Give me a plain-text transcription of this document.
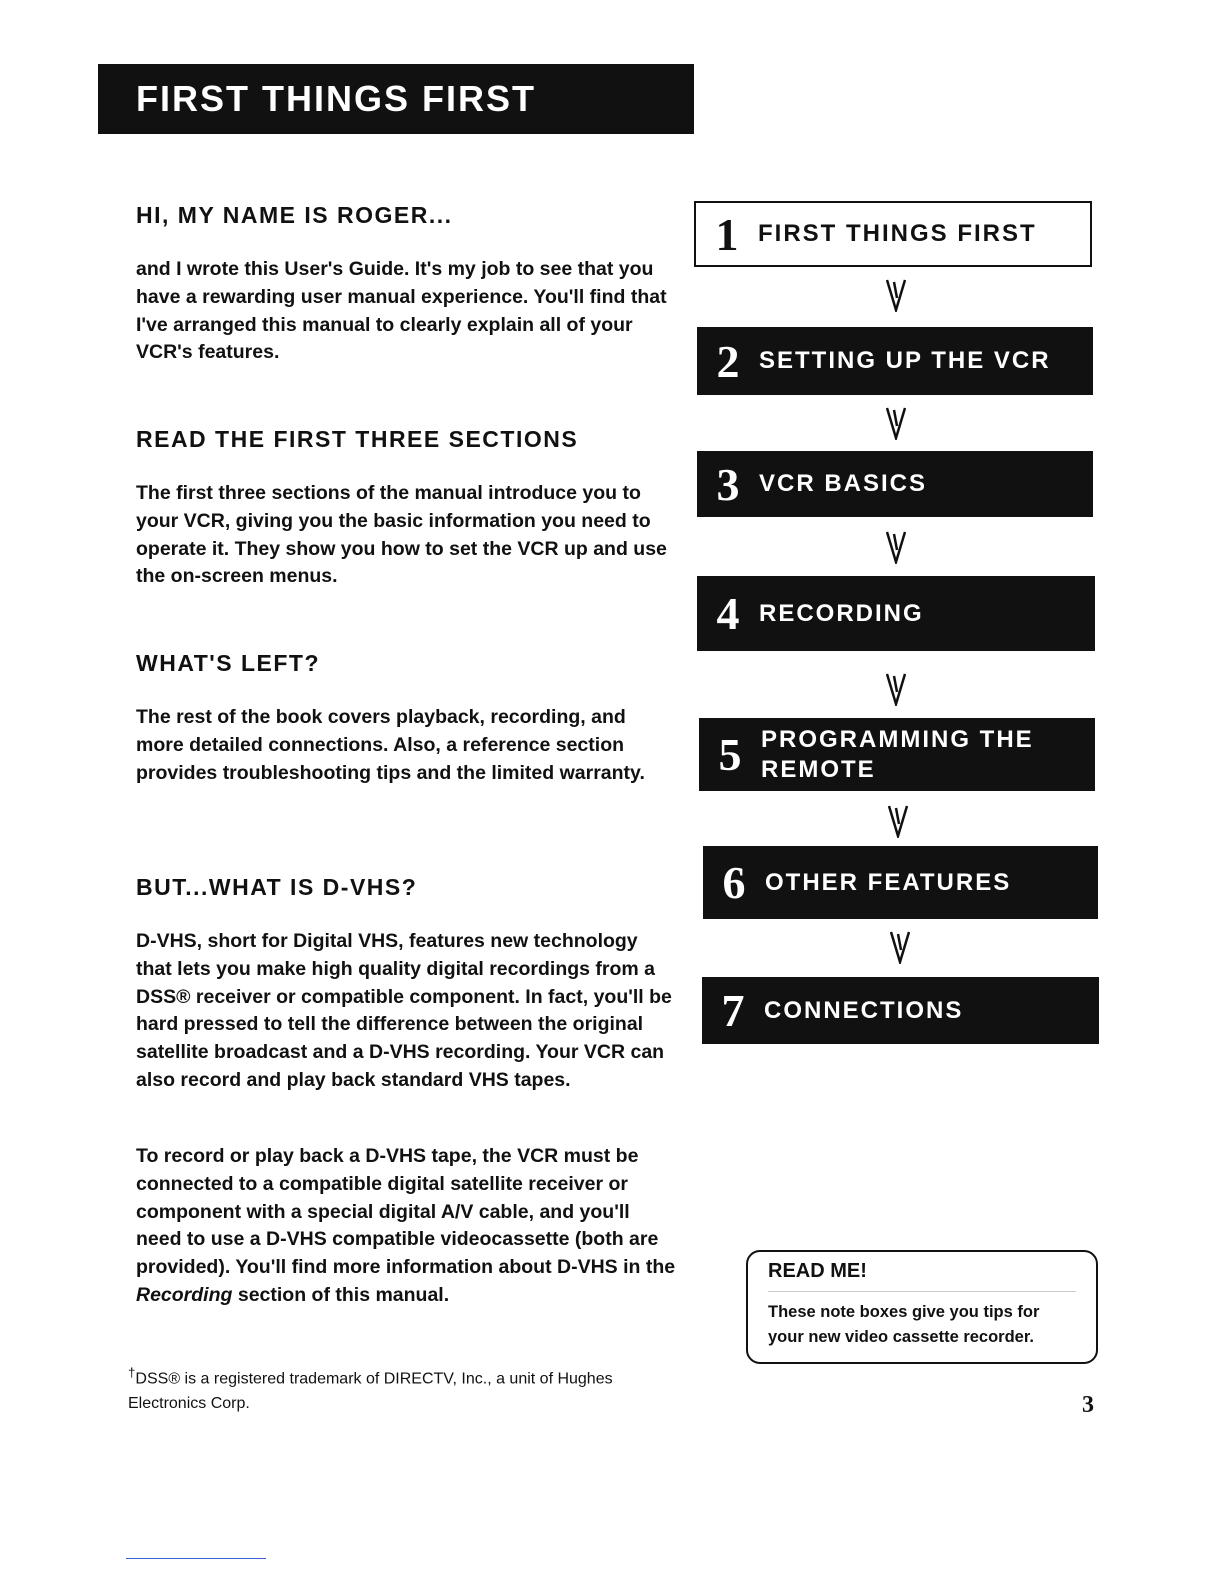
FIRST THINGS FIRST
HI, MY NAME IS ROGER...

and I wrote this User's Guide. It's my job to see that you have a rewarding user manual experience. You'll find that I've arranged this manual to clearly explain all of your VCR's features.

READ THE FIRST THREE SECTIONS

The first three sections of the manual introduce you to your VCR, giving you the basic information you need to operate it. They show you how to set the VCR up and use the on-screen menus.

WHAT'S LEFT?

The rest of the book covers playback, recording, and more detailed connections. Also, a reference section provides troubleshooting tips and the limited warranty.

BUT...WHAT IS D-VHS?

D-VHS, short for Digital VHS, features new technology that lets you make high quality digital recordings from a DSS® receiver or compatible component. In fact, you'll be hard pressed to tell the difference between the original satellite broadcast and a D-VHS recording. Your VCR can also record and play back standard VHS tapes.

To record or play back a D-VHS tape, the VCR must be connected to a compatible digital satellite receiver or component with a special digital A/V cable, and you'll need to use a D-VHS compatible videocassette (both are provided). You'll find more information about D-VHS in the Recording section of this manual.

†DSS® is a registered trademark of DIRECTV, Inc., a unit of Hughes Electronics Corp.

1 FIRST THINGS FIRST
2 SETTING UP THE VCR
3 VCR BASICS
4 RECORDING
5 PROGRAMMING THE REMOTE
6 OTHER FEATURES
7 CONNECTIONS

READ ME!

These note boxes give you tips for your new video cassette recorder.

3
